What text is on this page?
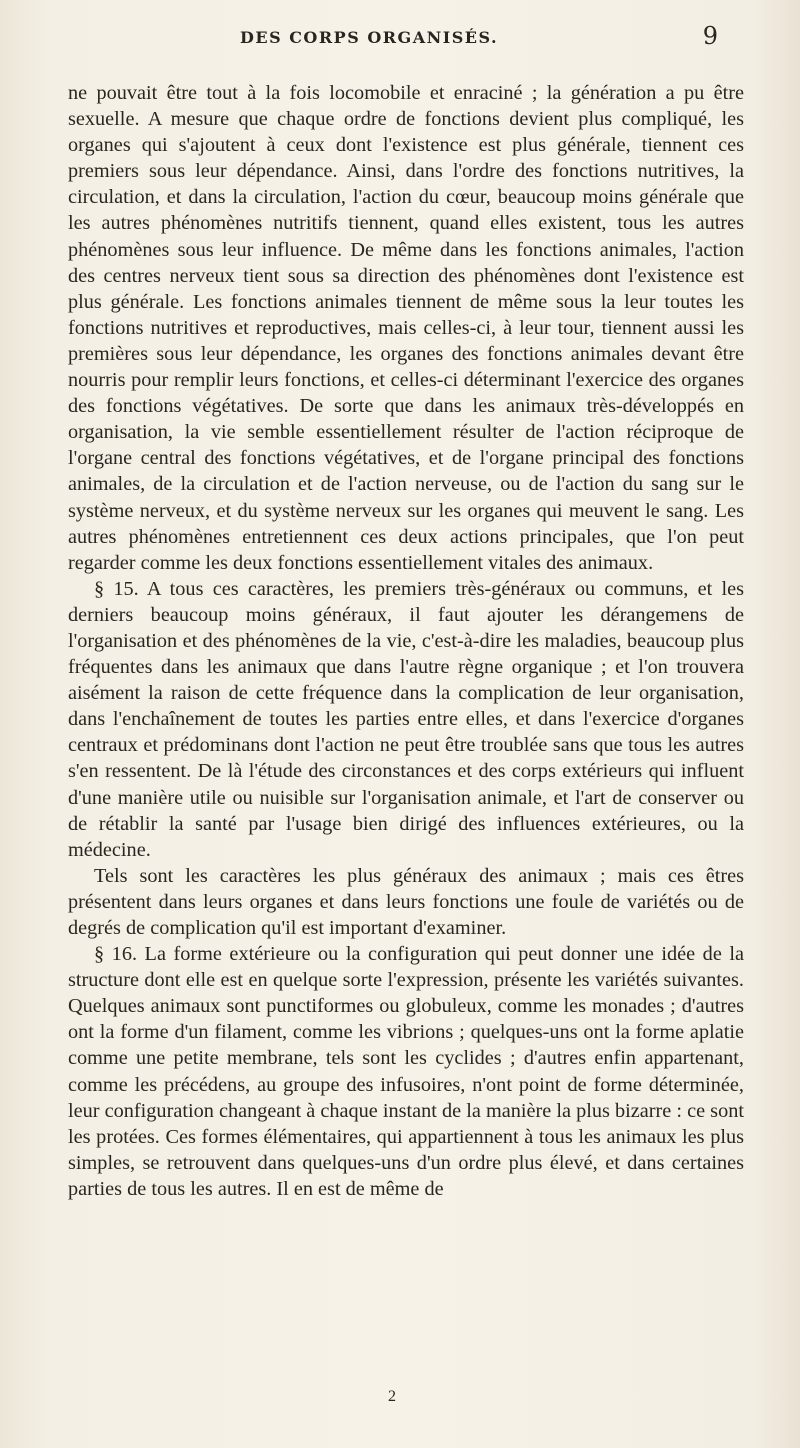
DES CORPS ORGANISÉS.	9

ne pouvait être tout à la fois locomobile et enraciné ; la génération a pu être sexuelle. A mesure que chaque ordre de fonctions devient plus compliqué, les organes qui s'ajoutent à ceux dont l'existence est plus générale, tiennent ces premiers sous leur dépendance. Ainsi, dans l'ordre des fonctions nutritives, la circulation, et dans la circulation, l'action du cœur, beaucoup moins générale que les autres phénomènes nutritifs tiennent, quand elles existent, tous les autres phénomènes sous leur influence. De même dans les fonctions animales, l'action des centres nerveux tient sous sa direction des phénomènes dont l'existence est plus générale. Les fonctions animales tiennent de même sous la leur toutes les fonctions nutritives et reproductives, mais celles-ci, à leur tour, tiennent aussi les premières sous leur dépendance, les organes des fonctions animales devant être nourris pour remplir leurs fonctions, et celles-ci déterminant l'exercice des organes des fonctions végétatives. De sorte que dans les animaux très-développés en organisation, la vie semble essentiellement résulter de l'action réciproque de l'organe central des fonctions végétatives, et de l'organe principal des fonctions animales, de la circulation et de l'action nerveuse, ou de l'action du sang sur le système nerveux, et du système nerveux sur les organes qui meuvent le sang. Les autres phénomènes entretiennent ces deux actions principales, que l'on peut regarder comme les deux fonctions essentiellement vitales des animaux.

§ 15. A tous ces caractères, les premiers très-généraux ou communs, et les derniers beaucoup moins généraux, il faut ajouter les dérangemens de l'organisation et des phénomènes de la vie, c'est-à-dire les maladies, beaucoup plus fréquentes dans les animaux que dans l'autre règne organique ; et l'on trouvera aisément la raison de cette fréquence dans la complication de leur organisation, dans l'enchaînement de toutes les parties entre elles, et dans l'exercice d'organes centraux et prédominans dont l'action ne peut être troublée sans que tous les autres s'en ressentent. De là l'étude des circonstances et des corps extérieurs qui influent d'une manière utile ou nuisible sur l'organisation animale, et l'art de conserver ou de rétablir la santé par l'usage bien dirigé des influences extérieures, ou la médecine.

Tels sont les caractères les plus généraux des animaux ; mais ces êtres présentent dans leurs organes et dans leurs fonctions une foule de variétés ou de degrés de complication qu'il est important d'examiner.

§ 16. La forme extérieure ou la configuration qui peut donner une idée de la structure dont elle est en quelque sorte l'expression, présente les variétés suivantes. Quelques animaux sont punctiformes ou globuleux, comme les monades ; d'autres ont la forme d'un filament, comme les vibrions ; quelques-uns ont la forme aplatie comme une petite membrane, tels sont les cyclides ; d'autres enfin appartenant, comme les précédens, au groupe des infusoires, n'ont point de forme déterminée, leur configuration changeant à chaque instant de la manière la plus bizarre : ce sont les protées. Ces formes élémentaires, qui appartiennent à tous les animaux les plus simples, se retrouvent dans quelques-uns d'un ordre plus élevé, et dans certaines parties de tous les autres. Il en est de même de

2
